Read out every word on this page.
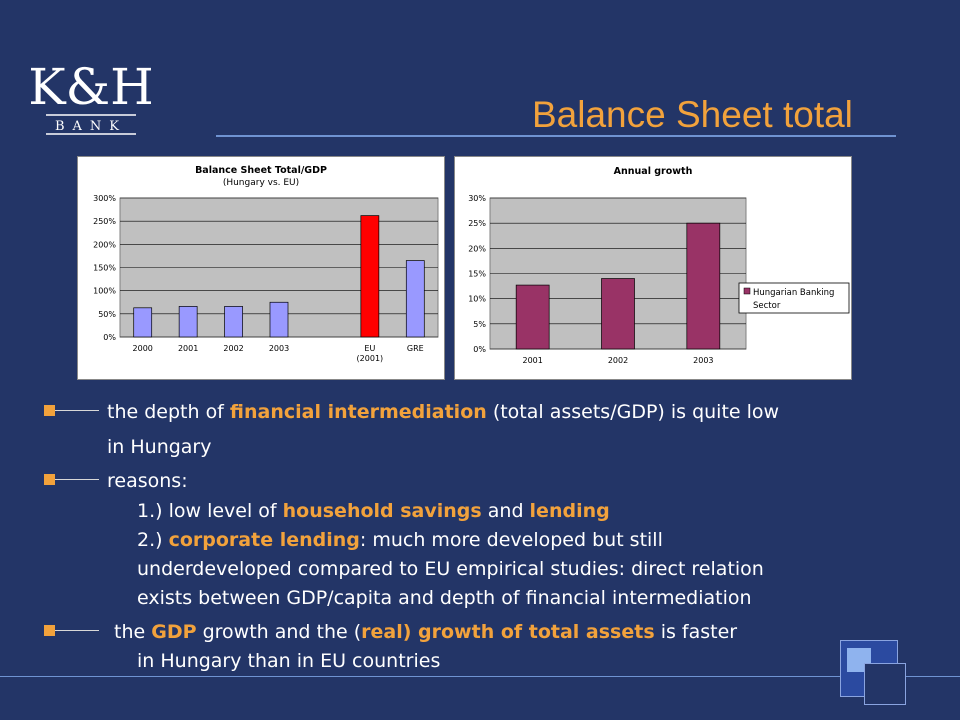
K&H
BANK	Balance Sheet total
Balance Sheet Total/GDP
(Hungary vs. EU)
0%
50%
100%
150%
200%
250%
300%
2000	2001	2002	2003	EU
(2001)
GRE
Annual growth
0%
5%
10%
15%
20%
25%
30%
2001	2002	2003
Hungarian Banking
Sector
the depth of financial intermediation (total assets/GDP) is quite low
in Hungary
reasons:
1.) low level of household savings and lending
2.) corporate lending: much more developed but still
underdeveloped compared to EU empirical studies: direct relation
exists between GDP/capita and depth of financial intermediation
the GDP growth and the (real) growth of total assets is faster
in Hungary than in EU countries
